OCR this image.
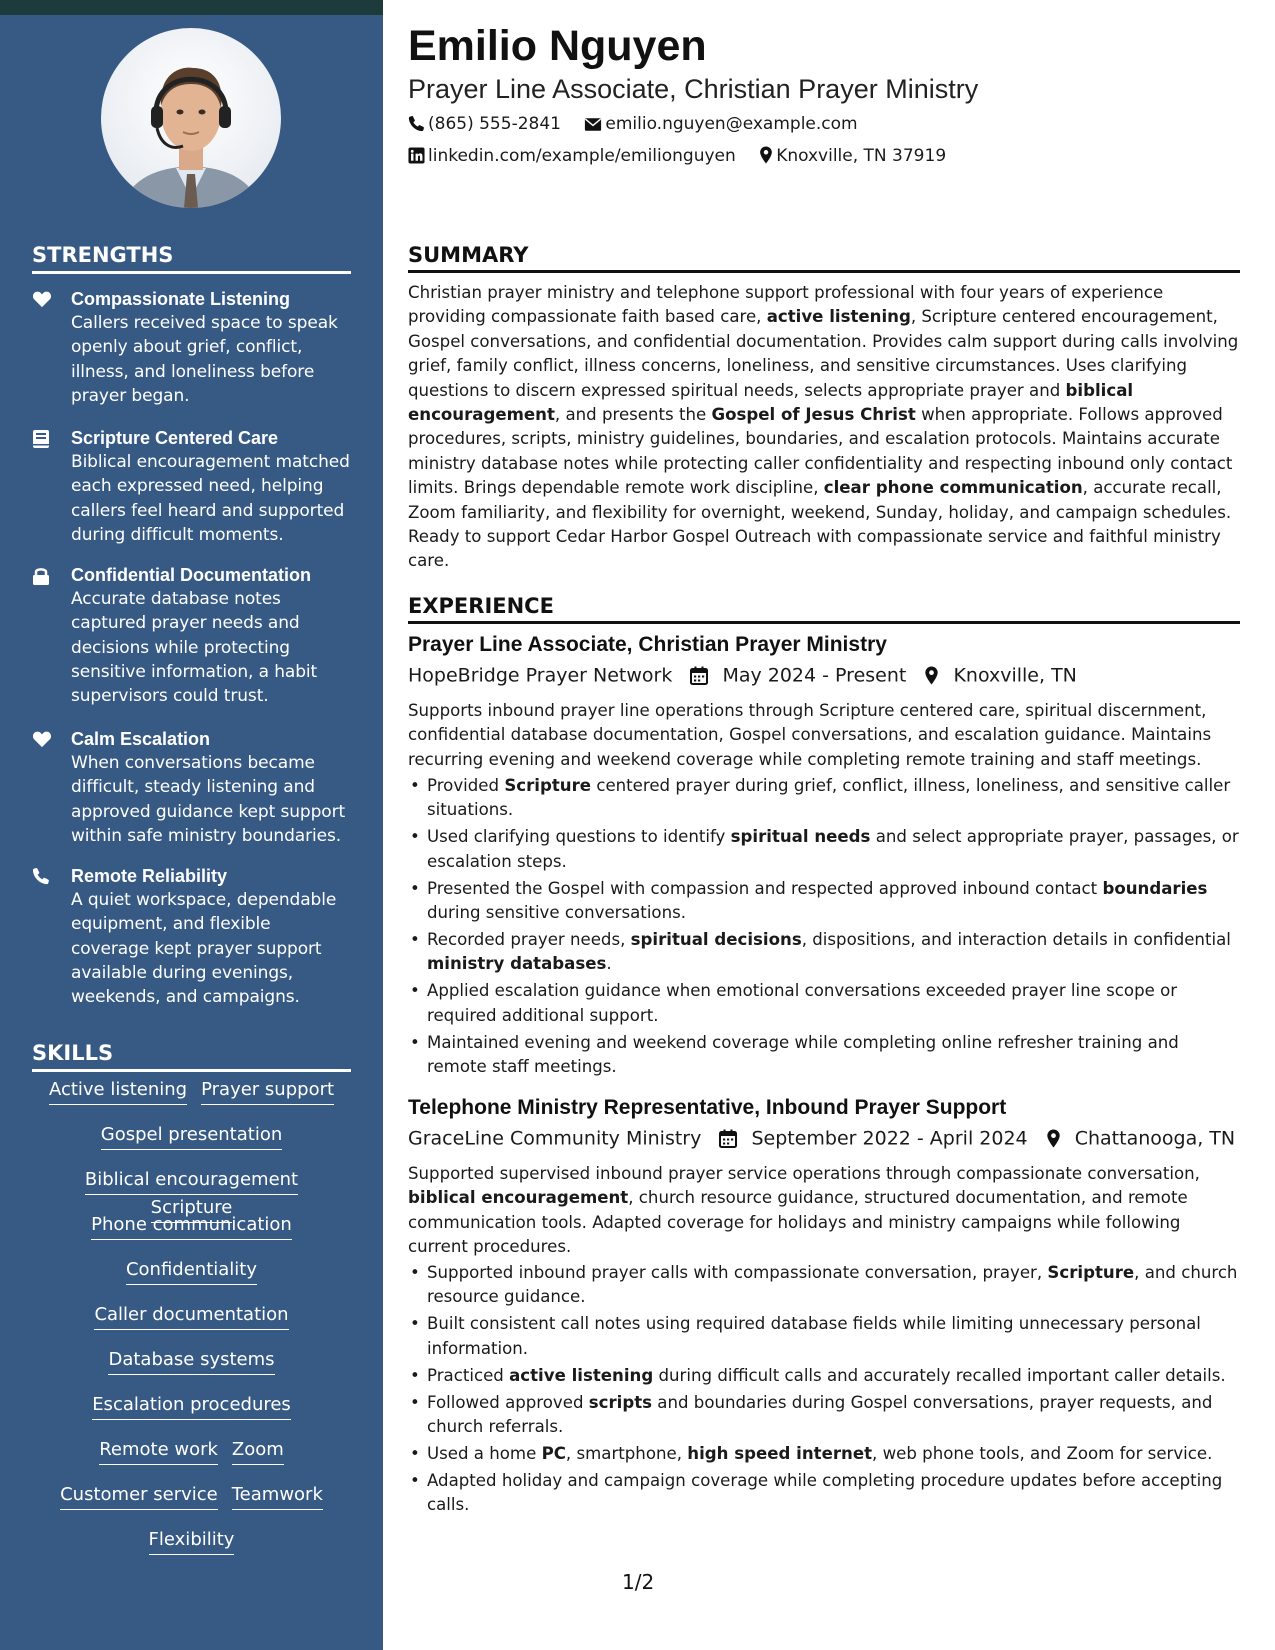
STRENGTHS
Compassionate Listening
Callers received space to speak openly about grief, conflict, illness, and loneliness before prayer began.
Scripture Centered Care
Biblical encouragement matched each expressed need, helping callers feel heard and supported during difficult moments.
Confidential Documentation
Accurate database notes captured prayer needs and decisions while protecting sensitive information, a habit supervisors could trust.
Calm Escalation
When conversations became difficult, steady listening and approved guidance kept support within safe ministry boundaries.
Remote Reliability
A quiet workspace, dependable equipment, and flexible coverage kept prayer support available during evenings, weekends, and campaigns.
SKILLS
Active listening Prayer support
Gospel presentation
Biblical encouragementScripture
Phone communication
Confidentiality
Caller documentation
Database systems
Escalation procedures
Remote work Zoom
Customer service Teamwork
Flexibility
Emilio Nguyen
Prayer Line Associate, Christian Prayer Ministry
(865) 555-2841	emilio.nguyen@example.com
linkedin.com/example/emilionguyen Knoxville, TN 37919
SUMMARY
Christian prayer ministry and telephone support professional with four years of experience providing compassionate faith based care, active listening, Scripture centered encouragement, Gospel conversations, and confidential documentation. Provides calm support during calls involving grief, family conflict, illness concerns, loneliness, and sensitive circumstances. Uses clarifying questions to discern expressed spiritual needs, selects appropriate prayer and biblical encouragement, and presents the Gospel of Jesus Christ when appropriate. Follows approved procedures, scripts, ministry guidelines, boundaries, and escalation protocols. Maintains accurate ministry database notes while protecting caller confidentiality and respecting inbound only contact limits. Brings dependable remote work discipline, clear phone communication, accurate recall, Zoom familiarity, and flexibility for overnight, weekend, Sunday, holiday, and campaign schedules. Ready to support Cedar Harbor Gospel Outreach with compassionate service and faithful ministry care.
EXPERIENCE
Prayer Line Associate, Christian Prayer Ministry
HopeBridge Prayer Network	May 2024 - Present Knoxville, TN
Supports inbound prayer line operations through Scripture centered care, spiritual discernment, confidential database documentation, Gospel conversations, and escalation guidance. Maintains recurring evening and weekend coverage while completing remote training and staff meetings.
• Provided Scripture centered prayer during grief, conflict, illness, loneliness, and sensitive caller situations.
• Used clarifying questions to identify spiritual needs and select appropriate prayer, passages, or escalation steps.
• Presented the Gospel with compassion and respected approved inbound contact boundaries during sensitive conversations.
• Recorded prayer needs, spiritual decisions, dispositions, and interaction details in confidential ministry databases.
• Applied escalation guidance when emotional conversations exceeded prayer line scope or required additional support.
• Maintained evening and weekend coverage while completing online refresher training and remote staff meetings.
Telephone Ministry Representative, Inbound Prayer Support
GraceLine Community Ministry	September 2022 - April 2024 Chattanooga, TN
Supported supervised inbound prayer service operations through compassionate conversation, biblical encouragement, church resource guidance, structured documentation, and remote communication tools. Adapted coverage for holidays and ministry campaigns while following current procedures.
• Supported inbound prayer calls with compassionate conversation, prayer, Scripture, and church resource guidance.
• Built consistent call notes using required database fields while limiting unnecessary personal information.
• Practiced active listening during difficult calls and accurately recalled important caller details.
• Followed approved scripts and boundaries during Gospel conversations, prayer requests, and church referrals.
• Used a home PC, smartphone, high speed internet, web phone tools, and Zoom for service.
• Adapted holiday and campaign coverage while completing procedure updates before accepting calls.
1/2
